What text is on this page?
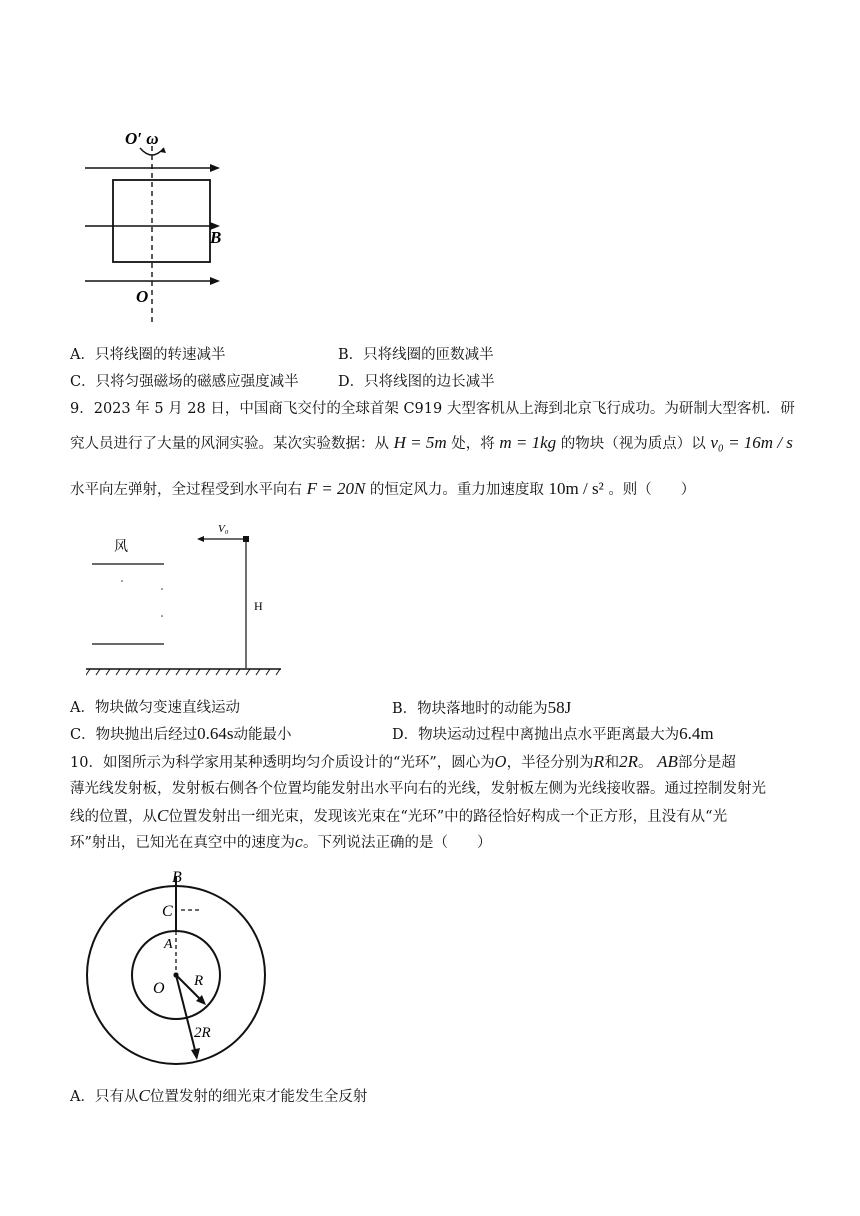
O′ ω
B
O
A．只将线圈的转速减半	B．只将线圈的匝数减半
C．只将匀强磁场的磁感应强度减半	D．只将线图的边长减半
9．2023 年 5 月 28 日，中国商飞交付的全球首架 C919 大型客机从上海到北京飞行成功。为研制大型客机．研
究人员进行了大量的风洞实验。某次实验数据：从 H = 5m 处，将 m = 1kg 的物块（视为质点）以 v₀ = 16m / s
水平向左弹射，全过程受到水平向右 F = 20N 的恒定风力。重力加速度取 10m / s² 。则（　　）
风
V₀
H
A．物块做匀变速直线运动	B．物块落地时的动能为58J
C．物块抛出后经过0.64s动能最小	D．物块运动过程中离抛出点水平距离最大为6.4m
10．如图所示为科学家用某种透明均匀介质设计的“光环”，圆心为O，半径分别为R和2R。 AB部分是超
薄光线发射板，发射板右侧各个位置均能发射出水平向右的光线，发射板左侧为光线接收器。通过控制发射光
线的位置，从C位置发射出一细光束，发现该光束在“光环”中的路径恰好构成一个正方形，且没有从“光
环”射出，已知光在真空中的速度为c。下列说法正确的是（　　）
B
C
A
O R
2R
A．只有从C位置发射的细光束才能发生全反射
